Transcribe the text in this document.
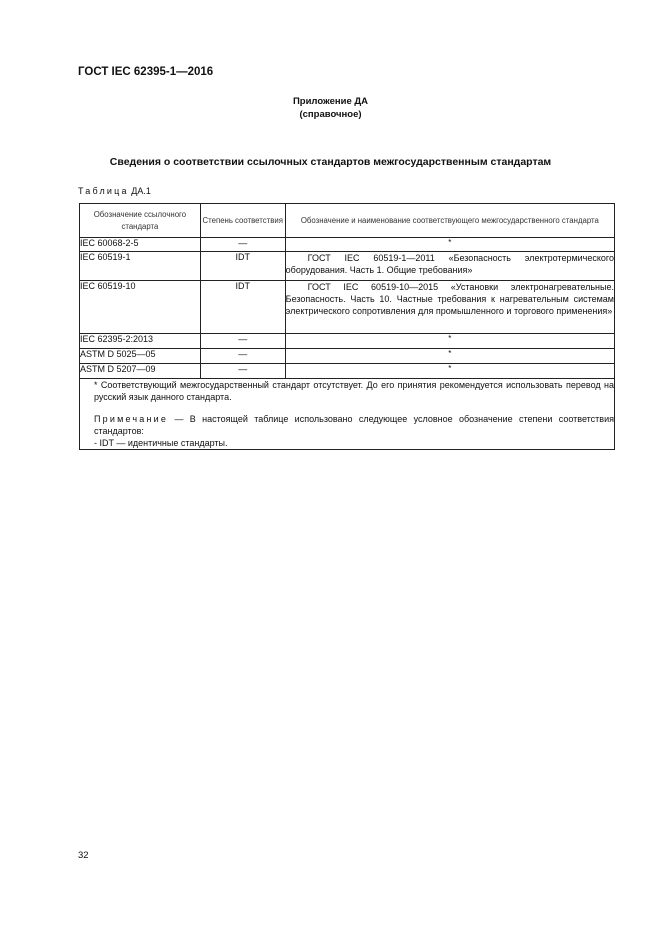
ГОСТ IEC 62395-1—2016
Приложение ДА
(справочное)
Сведения о соответствии ссылочных стандартов межгосударственным стандартам
Таблица ДА.1
Обозначение ссылочного стандарта	Степень соответствия	Обозначение и наименование соответствующего межгосударственного стандарта
IEC 60068-2-5	—	*
IEC 60519-1	IDT	ГОСТ IEC 60519-1—2011 «Безопасность электротермического оборудования. Часть 1. Общие требования»
IEC 60519-10	IDT	ГОСТ IEC 60519-10—2015 «Установки электронагревательные. Безопасность. Часть 10. Частные требования к нагревательным системам электрического сопротивления для промышленного и торгового применения»
IEC 62395-2:2013	—	*
ASTM D 5025—05	—	*
ASTM D 5207—09	—	*

* Соответствующий межгосударственный стандарт отсутствует. До его принятия рекомендуется использовать перевод на русский язык данного стандарта.
Примечание — В настоящей таблице использовано следующее условное обозначение степени соответствия стандартов:
- IDT — идентичные стандарты.		
32
